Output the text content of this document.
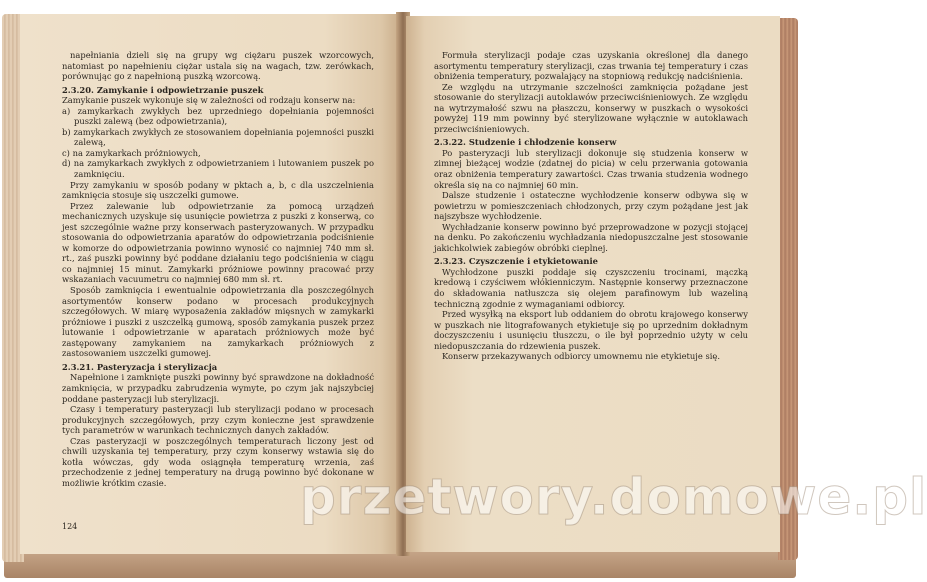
napełniania dzieli się na grupy wg ciężaru puszek wzorcowych, natomiast po napełnieniu ciężar ustala się na wagach, tzw. zerówkach, porównując go z napełnioną puszką wzorcową.

2.3.20. Zamykanie i odpowietrzanie puszek

Zamykanie puszek wykonuje się w zależności od rodzaju konserw na:

a) zamykarkach zwykłych bez uprzedniego dopełniania pojemności puszki zalewą (bez odpowietrzania),

b) zamykarkach zwykłych ze stosowaniem dopełniania pojemności puszki zalewą,

c) na zamykarkach próżniowych,

d) na zamykarkach zwykłych z odpowietrzaniem i lutowaniem puszek po zamknięciu.

Przy zamykaniu w sposób podany w pktach a, b, c dla uszczelnienia zamknięcia stosuje się uszczelki gumowe.

Przez zalewanie lub odpowietrzanie za pomocą urządzeń mechanicznych uzyskuje się usunięcie powietrza z puszki z konserwą, co jest szczególnie ważne przy konserwach pasteryzowanych. W przypadku stosowania do odpowietrzania aparatów do odpowietrzania podciśnienie w komorze do odpowietrzania powinno wynosić co najmniej 740 mm sł. rt., zaś puszki powinny być poddane działaniu tego podciśnienia w ciągu co najmniej 15 minut. Zamykarki próżniowe powinny pracować przy wskazaniach vacuumetru co najmniej 680 mm sł. rt.

Sposób zamknięcia i ewentualnie odpowietrzania dla poszczególnych asortymentów konserw podano w procesach produkcyjnych szczegółowych. W miarę wyposażenia zakładów mięsnych w zamykarki próżniowe i puszki z uszczelką gumową, sposób zamykania puszek przez lutowanie i odpowietrzanie w aparatach próżniowych może być zastępowany zamykaniem na zamykarkach próżniowych z zastosowaniem uszczelki gumowej.

2.3.21. Pasteryzacja i sterylizacja

Napełnione i zamknięte puszki powinny być sprawdzone na dokładność zamknięcia, w przypadku zabrudzenia wymyte, po czym jak najszybciej poddane pasteryzacji lub sterylizacji.

Czasy i temperatury pasteryzacji lub sterylizacji podano w procesach produkcyjnych szczegółowych, przy czym konieczne jest sprawdzenie tych parametrów w warunkach technicznych danych zakładów.

Czas pasteryzacji w poszczególnych temperaturach liczony jest od chwili uzyskania tej temperatury, przy czym konserwy wstawia się do kotła wówczas, gdy woda osiągnęła temperaturę wrzenia, zaś przechodzenie z jednej temperatury na drugą powinno być dokonane w możliwie krótkim czasie.

124

Formuła sterylizacji podaje czas uzyskania określonej dla danego asortymentu temperatury sterylizacji, czas trwania tej temperatury i czas obniżenia temperatury, pozwalający na stopniową redukcję nadciśnienia.

Ze względu na utrzymanie szczelności zamknięcia pożądane jest stosowanie do sterylizacji autoklawów przeciwciśnieniowych. Ze względu na wytrzymałość szwu na płaszczu, konserwy w puszkach o wysokości powyżej 119 mm powinny być sterylizowane wyłącznie w autoklawach przeciwciśnieniowych.

2.3.22. Studzenie i chłodzenie konserw

Po pasteryzacji lub sterylizacji dokonuje się studzenia konserw w zimnej bieżącej wodzie (zdatnej do picia) w celu przerwania gotowania oraz obniżenia temperatury zawartości. Czas trwania studzenia wodnego określa się na co najmniej 60 min.

Dalsze studzenie i ostateczne wychłodzenie konserw odbywa się w powietrzu w pomieszczeniach chłodzonych, przy czym pożądane jest jak najszybsze wychłodzenie.

Wychładzanie konserw powinno być przeprowadzone w pozycji stojącej na denku. Po zakończeniu wychładzania niedopuszczalne jest stosowanie jakichkolwiek zabiegów obróbki cieplnej.

2.3.23. Czyszczenie i etykietowanie

Wychłodzone puszki poddaje się czyszczeniu trocinami, mączką kredową i czyściwem włókienniczym. Następnie konserwy przeznaczone do składowania natłuszcza się olejem parafinowym lub wazeliną techniczną zgodnie z wymaganiami odbiorcy.

Przed wysyłką na eksport lub oddaniem do obrotu krajowego konserwy w puszkach nie litografowanych etykietuje się po uprzednim dokładnym doczyszczeniu i usunięciu tłuszczu, o ile był poprzednio użyty w celu niedopuszczania do rdzewienia puszek.

Konserw przekazywanych odbiorcy umownemu nie etykietuje się.

przetwory.domowe.pl
